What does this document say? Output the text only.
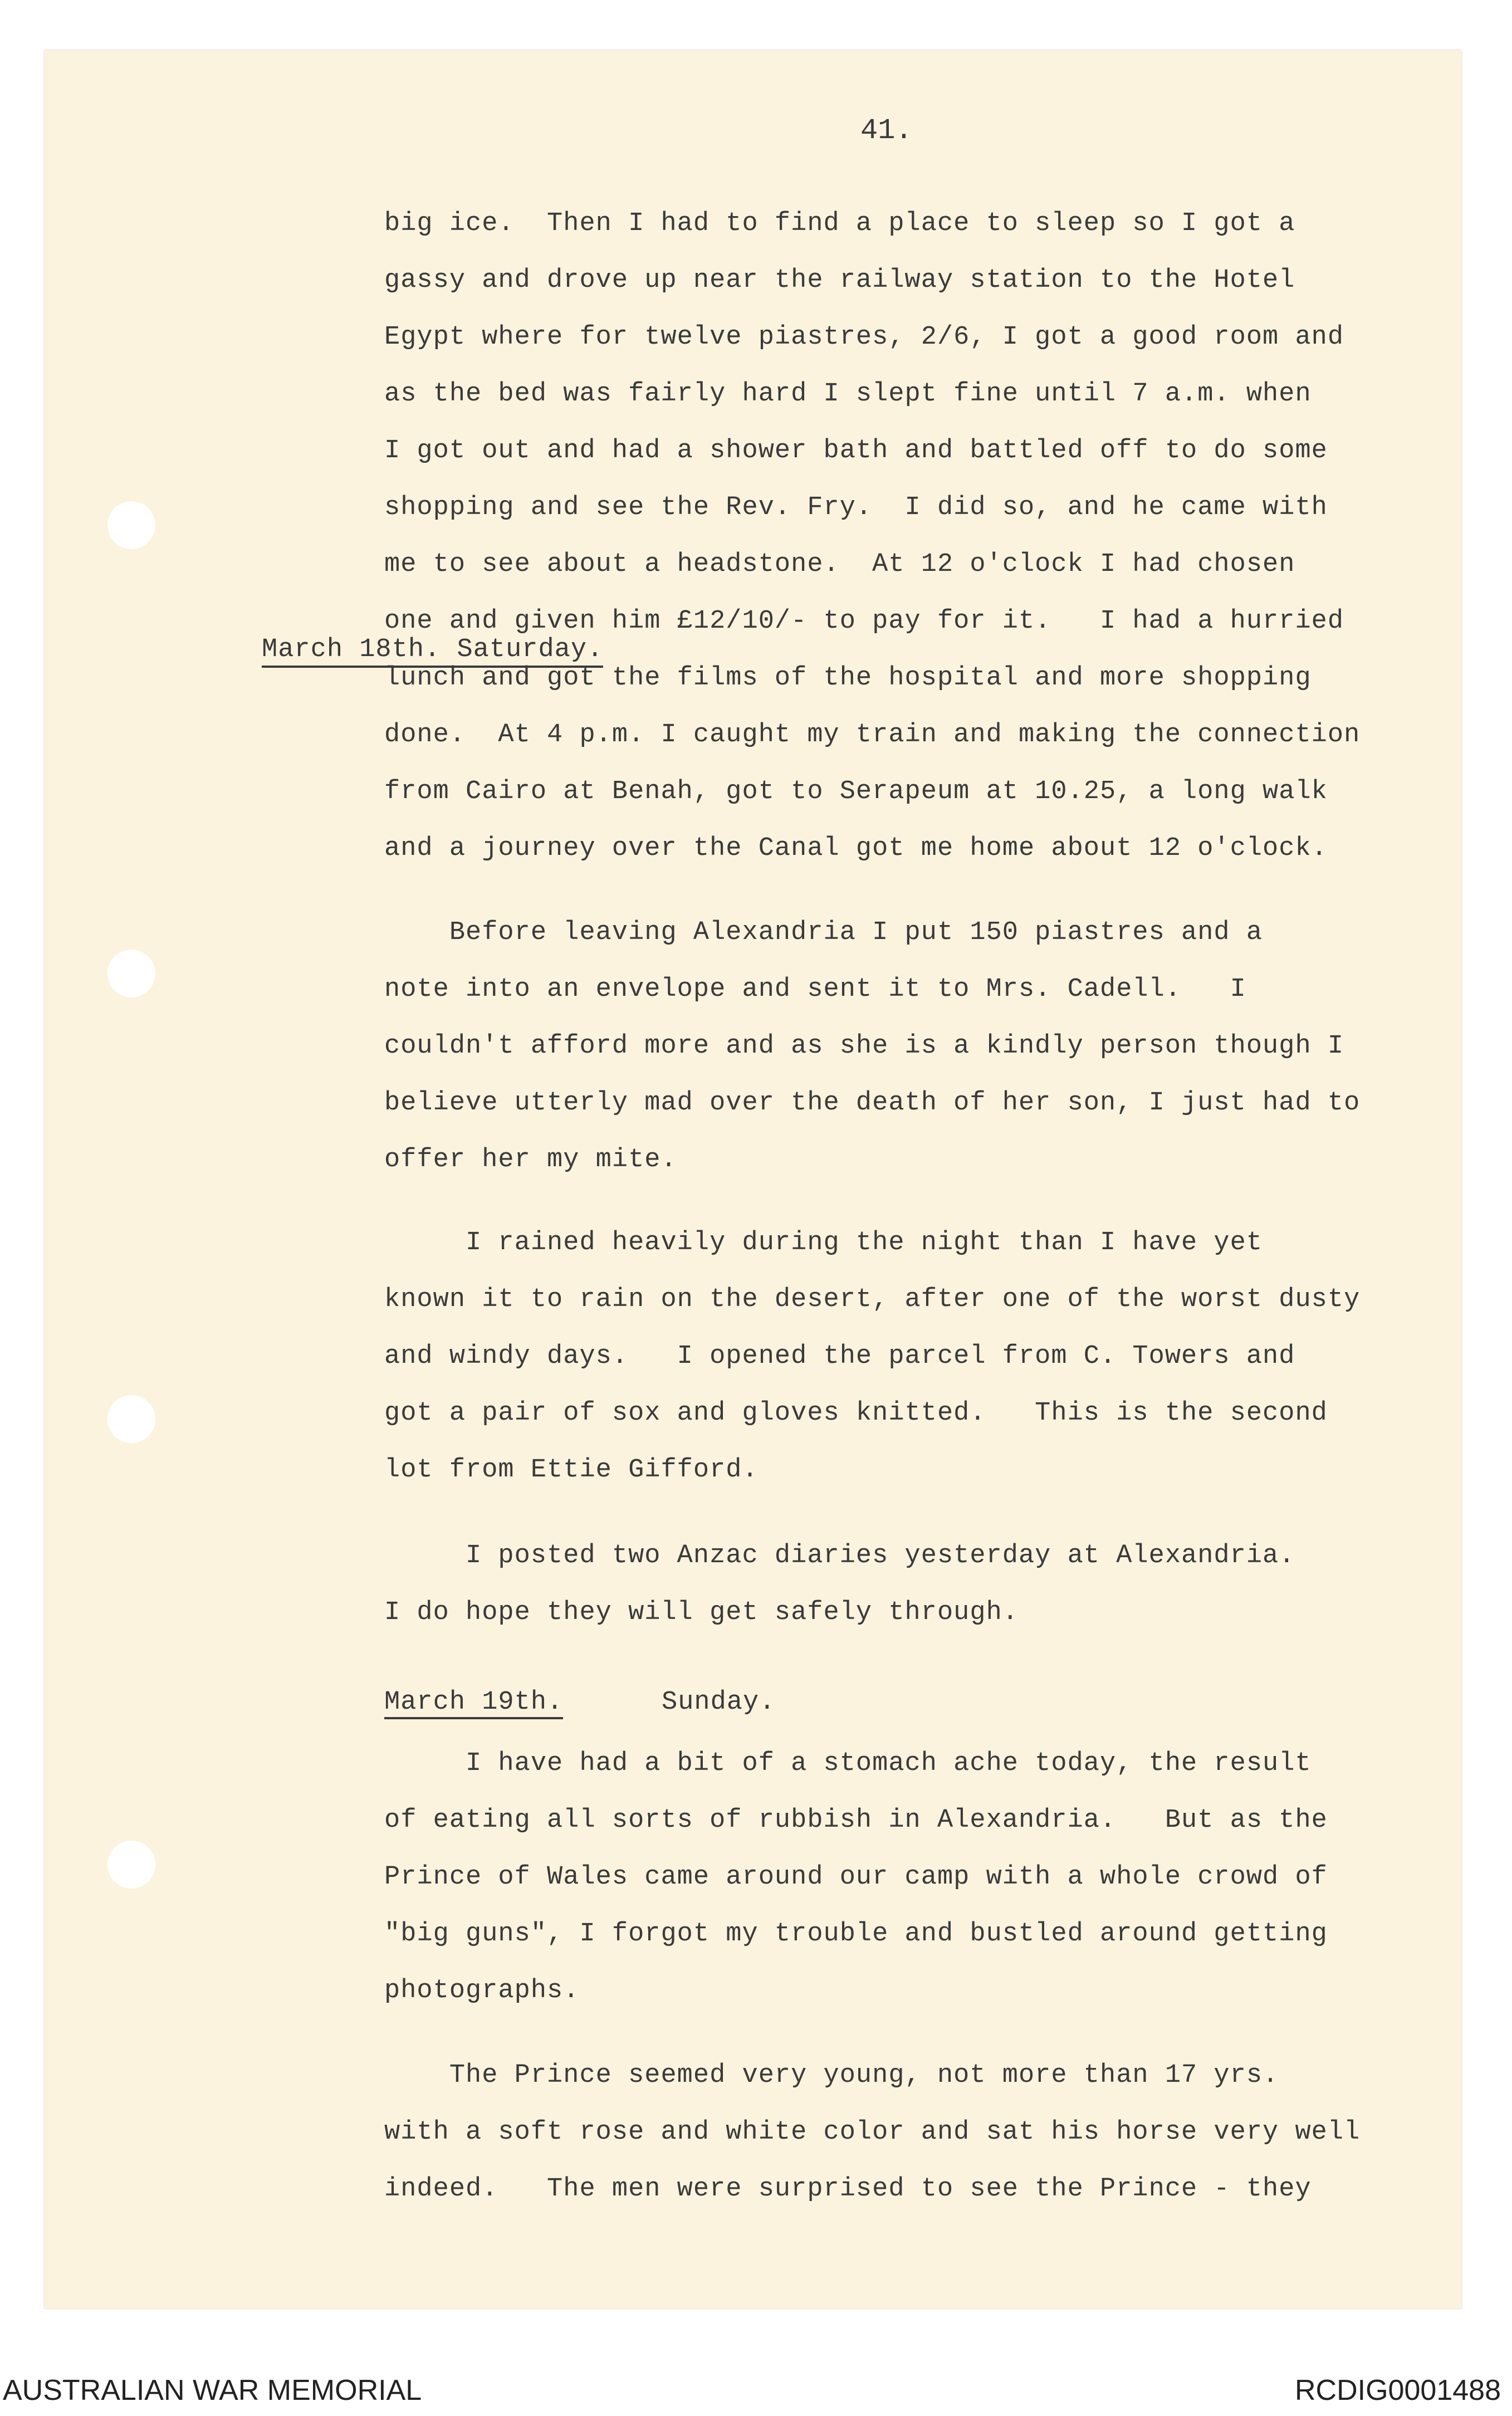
41.
big ice.  Then I had to find a place to sleep so I got a
gassy and drove up near the railway station to the Hotel
Egypt where for twelve piastres, 2/6, I got a good room and
as the bed was fairly hard I slept fine until 7 a.m. when
I got out and had a shower bath and battled off to do some
shopping and see the Rev. Fry.  I did so, and he came with
me to see about a headstone.  At 12 o'clock I had chosen
one and given him £12/10/- to pay for it.   I had a hurried
March 18th. Saturday.
lunch and got the films of the hospital and more shopping
done.  At 4 p.m. I caught my train and making the connection
from Cairo at Benah, got to Serapeum at 10.25, a long walk
and a journey over the Canal got me home about 12 o'clock.
Before leaving Alexandria I put 150 piastres and a
note into an envelope and sent it to Mrs. Cadell.   I
couldn't afford more and as she is a kindly person though I
believe utterly mad over the death of her son, I just had to
offer her my mite.
I rained heavily during the night than I have yet
known it to rain on the desert, after one of the worst dusty
and windy days.   I opened the parcel from C. Towers and
got a pair of sox and gloves knitted.   This is the second
lot from Ettie Gifford.
I posted two Anzac diaries yesterday at Alexandria.
I do hope they will get safely through.
March 19th.	Sunday.
I have had a bit of a stomach ache today, the result
of eating all sorts of rubbish in Alexandria.   But as the
Prince of Wales came around our camp with a whole crowd of
"big guns", I forgot my trouble and bustled around getting
photographs.
The Prince seemed very young, not more than 17 yrs.
with a soft rose and white color and sat his horse very well
indeed.   The men were surprised to see the Prince - they
AUSTRALIAN WAR MEMORIAL	RCDIG0001488
